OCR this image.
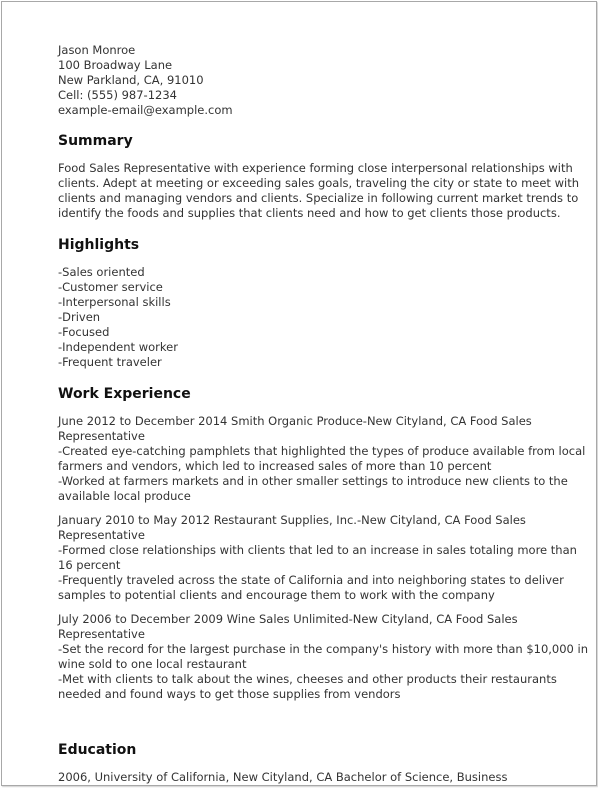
Jason Monroe
100 Broadway Lane
New Parkland, CA, 91010
Cell: (555) 987-1234
example-email@example.com
Summary

Food Sales Representative with experience forming close interpersonal relationships with clients. Adept at meeting or exceeding sales goals, traveling the city or state to meet with clients and managing vendors and clients. Specialize in following current market trends to identify the foods and supplies that clients need and how to get clients those products.

Highlights
-Sales oriented
-Customer service
-Interpersonal skills
-Driven
-Focused
-Independent worker
-Frequent traveler
Work Experience
June 2012 to December 2014 Smith Organic Produce-New Cityland, CA Food Sales Representative
-Created eye-catching pamphlets that highlighted the types of produce available from local farmers and vendors, which led to increased sales of more than 10 percent
-Worked at farmers markets and in other smaller settings to introduce new clients to the available local produce
January 2010 to May 2012 Restaurant Supplies, Inc.-New Cityland, CA Food Sales Representative
-Formed close relationships with clients that led to an increase in sales totaling more than 16 percent
-Frequently traveled across the state of California and into neighboring states to deliver samples to potential clients and encourage them to work with the company
July 2006 to December 2009 Wine Sales Unlimited-New Cityland, CA Food Sales Representative
-Set the record for the largest purchase in the company's history with more than $10,000 in wine sold to one local restaurant
-Met with clients to talk about the wines, cheeses and other products their restaurants needed and found ways to get those supplies from vendors
Education

2006, University of California, New Cityland, CA Bachelor of Science, Business
